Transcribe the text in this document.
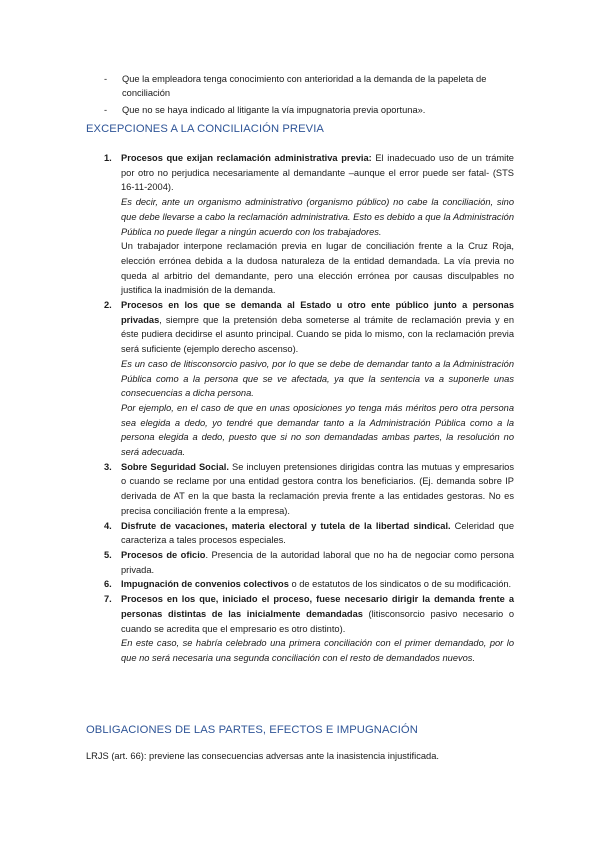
- Que la empleadora tenga conocimiento con anterioridad a la demanda de la papeleta de conciliación
- Que no se haya indicado al litigante la vía impugnatoria previa oportuna».
EXCEPCIONES A LA CONCILIACIÓN PREVIA
1. Procesos que exijan reclamación administrativa previa: El inadecuado uso de un trámite por otro no perjudica necesariamente al demandante –aunque el error puede ser fatal- (STS 16-11-2004).

Es decir, ante un organismo administrativo (organismo público) no cabe la conciliación, sino que debe llevarse a cabo la reclamación administrativa. Esto es debido a que la Administración Pública no puede llegar a ningún acuerdo con los trabajadores.

Un trabajador interpone reclamación previa en lugar de conciliación frente a la Cruz Roja, elección errónea debida a la dudosa naturaleza de la entidad demandada. La vía previa no queda al arbitrio del demandante, pero una elección errónea por causas disculpables no justifica la inadmisión de la demanda.

2. Procesos en los que se demanda al Estado u otro ente público junto a personas privadas, siempre que la pretensión deba someterse al trámite de reclamación previa y en éste pudiera decidirse el asunto principal. Cuando se pida lo mismo, con la reclamación previa será suficiente (ejemplo derecho ascenso).

Es un caso de litisconsorcio pasivo, por lo que se debe de demandar tanto a la Administración Pública como a la persona que se ve afectada, ya que la sentencia va a suponerle unas consecuencias a dicha persona.

Por ejemplo, en el caso de que en unas oposiciones yo tenga más méritos pero otra persona sea elegida a dedo, yo tendré que demandar tanto a la Administración Pública como a la persona elegida a dedo, puesto que si no son demandadas ambas partes, la resolución no será adecuada.

3. Sobre Seguridad Social. Se incluyen pretensiones dirigidas contra las mutuas y empresarios o cuando se reclame por una entidad gestora contra los beneficiarios. (Ej. demanda sobre IP derivada de AT en la que basta la reclamación previa frente a las entidades gestoras. No es precisa conciliación frente a la empresa).

4. Disfrute de vacaciones, materia electoral y tutela de la libertad sindical. Celeridad que caracteriza a tales procesos especiales.

5. Procesos de oficio. Presencia de la autoridad laboral que no ha de negociar como persona privada.

6. Impugnación de convenios colectivos o de estatutos de los sindicatos o de su modificación.

7. Procesos en los que, iniciado el proceso, fuese necesario dirigir la demanda frente a personas distintas de las inicialmente demandadas (litisconsorcio pasivo necesario o cuando se acredita que el empresario es otro distinto).

En este caso, se habría celebrado una primera conciliación con el primer demandado, por lo que no será necesaria una segunda conciliación con el resto de demandados nuevos.

OBLIGACIONES DE LAS PARTES, EFECTOS E IMPUGNACIÓN
LRJS (art. 66): previene las consecuencias adversas ante la inasistencia injustificada.
